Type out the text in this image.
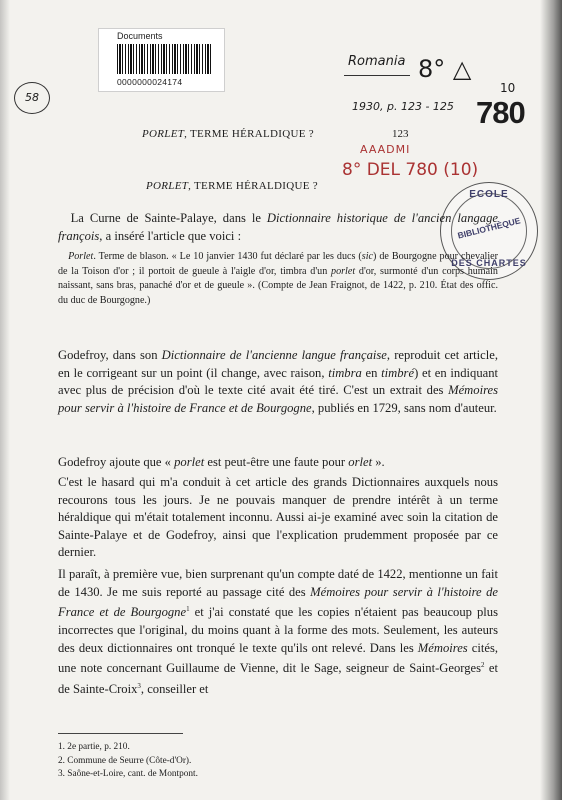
Documents
0000000024174
58
Romania
1930, p. 123 - 125
8° △
10
780
AAADMI
8° DEL 780 (10)
ECOLE
BIBLIOTHÈQUE
DES CHARTES
PORLET, TERME HÉRALDIQUE ?	123
PORLET, TERME HÉRALDIQUE ?

 La Curne de Sainte-Palaye, dans le Dictionnaire historique de l'ancien langage françois, a inséré l'article que voici :

 Porlet. Terme de blason. « Le 10 janvier 1430 fut déclaré par les ducs (sic) de Bourgogne pour chevalier de la Toison d'or ; il portoit de gueule à l'aigle d'or, timbra d'un porlet d'or, surmonté d'un corps humain naissant, sans bras, panaché d'or et de gueule ». (Compte de Jean Fraignot, de 1422, p. 210. État des offic. du duc de Bourgogne.)

Godefroy, dans son Dictionnaire de l'ancienne langue française, reproduit cet article, en le corrigeant sur un point (il change, avec raison, timbra en timbré) et en indiquant avec plus de précision d'où le texte cité avait été tiré. C'est un extrait des Mémoires pour servir à l'histoire de France et de Bourgogne, publiés en 1729, sans nom d'auteur.

Godefroy ajoute que « porlet est peut-être une faute pour orlet ».

C'est le hasard qui m'a conduit à cet article des grands Dictionnaires auxquels nous recourons tous les jours. Je ne pouvais manquer de prendre intérêt à un terme héraldique qui m'était totalement inconnu. Aussi ai-je examiné avec soin la citation de Sainte-Palaye et de Godefroy, ainsi que l'explication prudemment proposée par ce dernier.

Il paraît, à première vue, bien surprenant qu'un compte daté de 1422, mentionne un fait de 1430. Je me suis reporté au passage cité des Mémoires pour servir à l'histoire de France et de Bourgogne$^1$ et j'ai constaté que les copies n'étaient pas beaucoup plus incorrectes que l'original, du moins quant à la forme des mots. Seulement, les auteurs des deux dictionnaires ont tronqué le texte qu'ils ont relevé. Dans les Mémoires cités, une note concernant Guillaume de Vienne, dit le Sage, seigneur de Saint-Georges$^2$ et de Sainte-Croix$^3$, conseiller et

1. 2e partie, p. 210.
2. Commune de Seurre (Côte-d'Or).
3. Saône-et-Loire, cant. de Montpont.
